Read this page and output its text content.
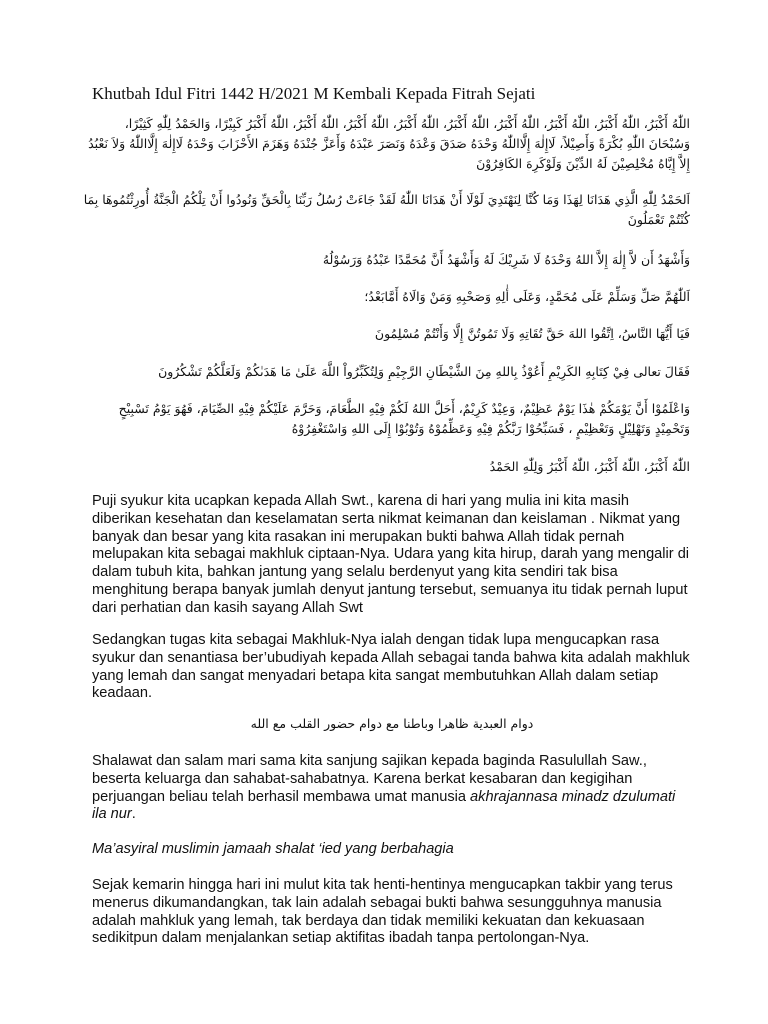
Khutbah Idul Fitri 1442 H/2021 M Kembali Kepada Fitrah Sejati
اللّٰهُ أَكْبَرُ، اللّٰهُ أَكْبَرُ، اللّٰهُ أَكْبَرُ، اللّٰهُ أَكْبَرُ، اللّٰهُ أَكْبَرُ، اللّٰهُ أَكْبَرُ، اللّٰهُ أَكْبَرُ، اللّٰهُ أَكْبَرُ، اللّٰهُ أَكْبَرُ كَبِيْرًا، وَالحَمْدُ لِلّٰهِ كَثِيْرًا، وَسُبْحَانَ اللّٰهِ بُكْرَةً وَأَصِيْلاً، لَاإِلٰهَ إِلَّااللّٰهُ وَحْدَهُ صَدَقَ وَعْدَهُ وَنَصَرَ عَبْدَهُ وَأَعَزَّ جُنْدَهُ وَهَزَمَ الأَحْزَابَ وَحْدَهُ لَاإِلٰهَ إِلَّااللّٰهُ وَلاَ نَعْبُدُ إِلاَّ إِيَّاهُ مُخْلِصِيْنَ لَهُ الدِّيْنَ وَلَوْكَرِهَ الكَافِرُوْنَ
اَلحَمْدُ لِلّٰهِ الَّذِي هَدَانَا لِهَذَا وَمَا كُنَّا لِنَهْتَدِيَ لَوْلَا أَنْ هَدَانَا اللّٰهُ لَقَدْ جَاءَتْ رُسُلُ رَبِّنَا بِالْحَقِّ وَنُودُوا أَنْ تِلْكُمُ الْجَنَّةُ أُورِثْتُمُوهَا بِمَا كُنْتُمْ تَعْمَلُونَ
وَأَشْهَدُ أَن لاَّ إِلٰهَ إِلاَّ اللهُ وَحْدَهُ لَا شَرِيْكَ لَهُ وَأَشْهَدُ أَنَّ مُحَمَّدًا عَبْدُهُ وَرَسُوْلُهُ
اَللّٰهُمَّ صَلِّ وَسَلِّمْ عَلَى مُحَمَّدٍ، وَعَلَى أٰلِهِ وَصَحْبِهِ وَمَنْ وَالَاهُ أَمَّابَعْدُ؛
فَيَا أَيُّهَا النَّاسُ، اِتَّقُوا اللهَ حَقَّ تُقَاتِهِ وَلَا تَمُوتُنَّ إِلَّا وَأَنْتُمْ مُسْلِمُونَ
فَقَالَ تعالى فِيْ كِتَابِهِ الكَرِيْمِ أَعُوْذُ بِاللهِ مِنَ الشَّيْطَانِ الرَّجِيْمِ وَلِتُكَبِّرُواْ اللَّهَ عَلَىٰ مَا هَدَىٰكُمْ وَلَعَلَّكُمْ تَشْكُرُونَ
وَاعْلَمُوْا أَنَّ يَوْمَكُمْ هٰذَا يَوْمٌ عَظِيْمٌ، وَعِيْدٌ كَرِيْمٌ، أَحَلَّ اللهُ لَكُمْ فِيْهِ الطَّعَامَ، وَحَرَّمَ عَلَيْكُمْ فِيْهِ الصِّيَامَ، فَهُوَ يَوْمُ تَسْبِيْحٍ وَتَحْمِيْدٍ وَتَهْلِيْلٍ وَتَعْظِيْمٍ ، فَسَبِّحُوْا رَبَّكُمْ فِيْهِ وَعَظِّمُوْهُ وَتُوْبُوْا إِلَى اللهِ وَاسْتَغْفِرُوْهُ
اللّٰهُ أَكْبَرُ، اللّٰهُ أَكْبَرُ، اللّٰهُ أَكْبَرُ وَلِلّٰهِ الحَمْدُ
Puji syukur kita ucapkan kepada Allah Swt., karena di hari yang mulia ini kita masih diberikan kesehatan dan keselamatan serta nikmat keimanan dan keislaman . Nikmat yang banyak dan besar yang kita rasakan ini merupakan bukti bahwa Allah tidak pernah melupakan kita sebagai makhluk ciptaan-Nya. Udara yang kita hirup, darah yang mengalir di dalam tubuh kita, bahkan jantung yang selalu berdenyut yang kita sendiri tak bisa menghitung berapa banyak jumlah denyut jantung tersebut, semuanya itu tidak pernah luput dari perhatian dan kasih sayang Allah Swt
Sedangkan tugas kita sebagai Makhluk-Nya ialah dengan tidak lupa mengucapkan rasa syukur dan senantiasa ber’ubudiyah kepada Allah sebagai tanda bahwa kita adalah makhluk yang lemah dan sangat menyadari betapa kita sangat membutuhkan Allah dalam setiap keadaan.
دوام العبدية ظاهرا وباطنا مع دوام حضور القلب مع الله
Shalawat dan salam mari sama kita sanjung sajikan kepada baginda Rasulullah Saw., beserta keluarga dan sahabat-sahabatnya. Karena berkat kesabaran dan kegigihan perjuangan beliau telah berhasil membawa umat manusia akhrajannasa minadz dzulumati ila nur.
Ma’asyiral muslimin jamaah shalat ‘ied yang berbahagia
Sejak kemarin hingga hari ini mulut kita tak henti-hentinya mengucapkan takbir yang terus menerus dikumandangkan, tak lain adalah sebagai bukti bahwa sesungguhnya manusia adalah mahkluk yang lemah, tak berdaya dan tidak memiliki kekuatan dan kekuasaan sedikitpun dalam menjalankan setiap aktifitas ibadah tanpa pertolongan-Nya.
